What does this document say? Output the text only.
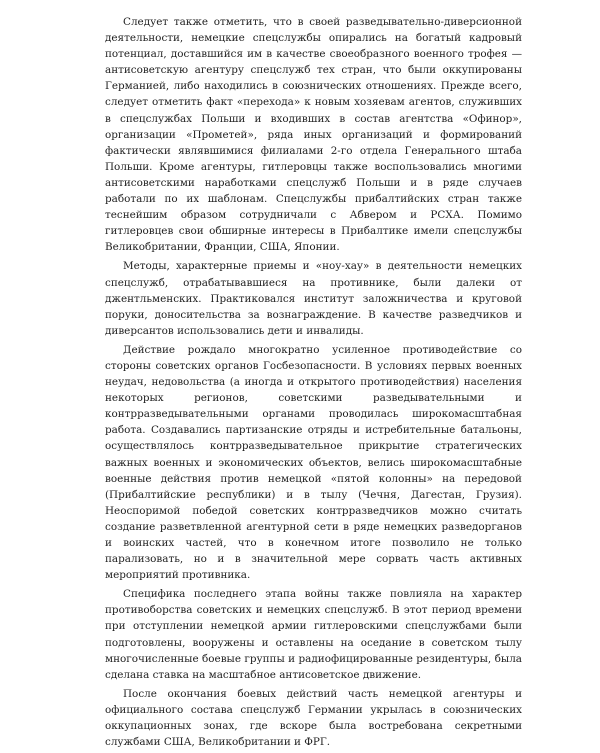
Следует также отметить, что в своей разведывательно-диверсионной деятельности, немецкие спецслужбы опирались на богатый кадровый потенциал, доставшийся им в качестве своеобразного военного трофея — антисоветскую агентуру спецслужб тех стран, что были оккупированы Германией, либо находились в союзнических отношениях. Прежде всего, следует отметить факт «перехода» к новым хозяевам агентов, служивших в спецслужбах Польши и входивших в состав агентства «Офинор», организации «Прометей», ряда иных организаций и формирований фактически являвшимися филиалами 2-го отдела Генерального штаба Польши. Кроме агентуры, гитлеровцы также воспользовались многими антисоветскими наработками спецслужб Польши и в ряде случаев работали по их шаблонам. Спецслужбы прибалтийских стран также теснейшим образом сотрудничали с Абвером и РСХА. Помимо гитлеровцев свои обширные интересы в Прибалтике имели спецслужбы Великобритании, Франции, США, Японии.

Методы, характерные приемы и «ноу-хау» в деятельности немецких спецслужб, отрабатывавшиеся на противнике, были далеки от джентльменских. Практиковался институт заложничества и круговой поруки, доносительства за вознаграждение. В качестве разведчиков и диверсантов использовались дети и инвалиды.

Действие рождало многократно усиленное противодействие со стороны советских органов Госбезопасности. В условиях первых военных неудач, недовольства (а иногда и открытого противодействия) населения некоторых регионов, советскими разведывательными и контрразведывательными органами проводилась широкомасштабная работа. Создавались партизанские отряды и истребительные батальоны, осуществлялось контрразведывательное прикрытие стратегических важных военных и экономических объектов, велись широкомасштабные военные действия против немецкой «пятой колонны» на передовой (Прибалтийские республики) и в тылу (Чечня, Дагестан, Грузия). Неоспоримой победой советских контрразведчиков можно считать создание разветвленной агентурной сети в ряде немецких разведорганов и воинских частей, что в конечном итоге позволило не только парализовать, но и в значительной мере сорвать часть активных мероприятий противника.

Специфика последнего этапа войны также повлияла на характер противоборства советских и немецких спецслужб. В этот период времени при отступлении немецкой армии гитлеровскими спецслужбами были подготовлены, вооружены и оставлены на оседание в советском тылу многочисленные боевые группы и радиофицированные резидентуры, была сделана ставка на масштабное антисоветское движение.

После окончания боевых действий часть немецкой агентуры и официального состава спецслужб Германии укрылась в союзнических оккупационных зонах, где вскоре была востребована секретными службами США, Великобритании и ФРГ.
